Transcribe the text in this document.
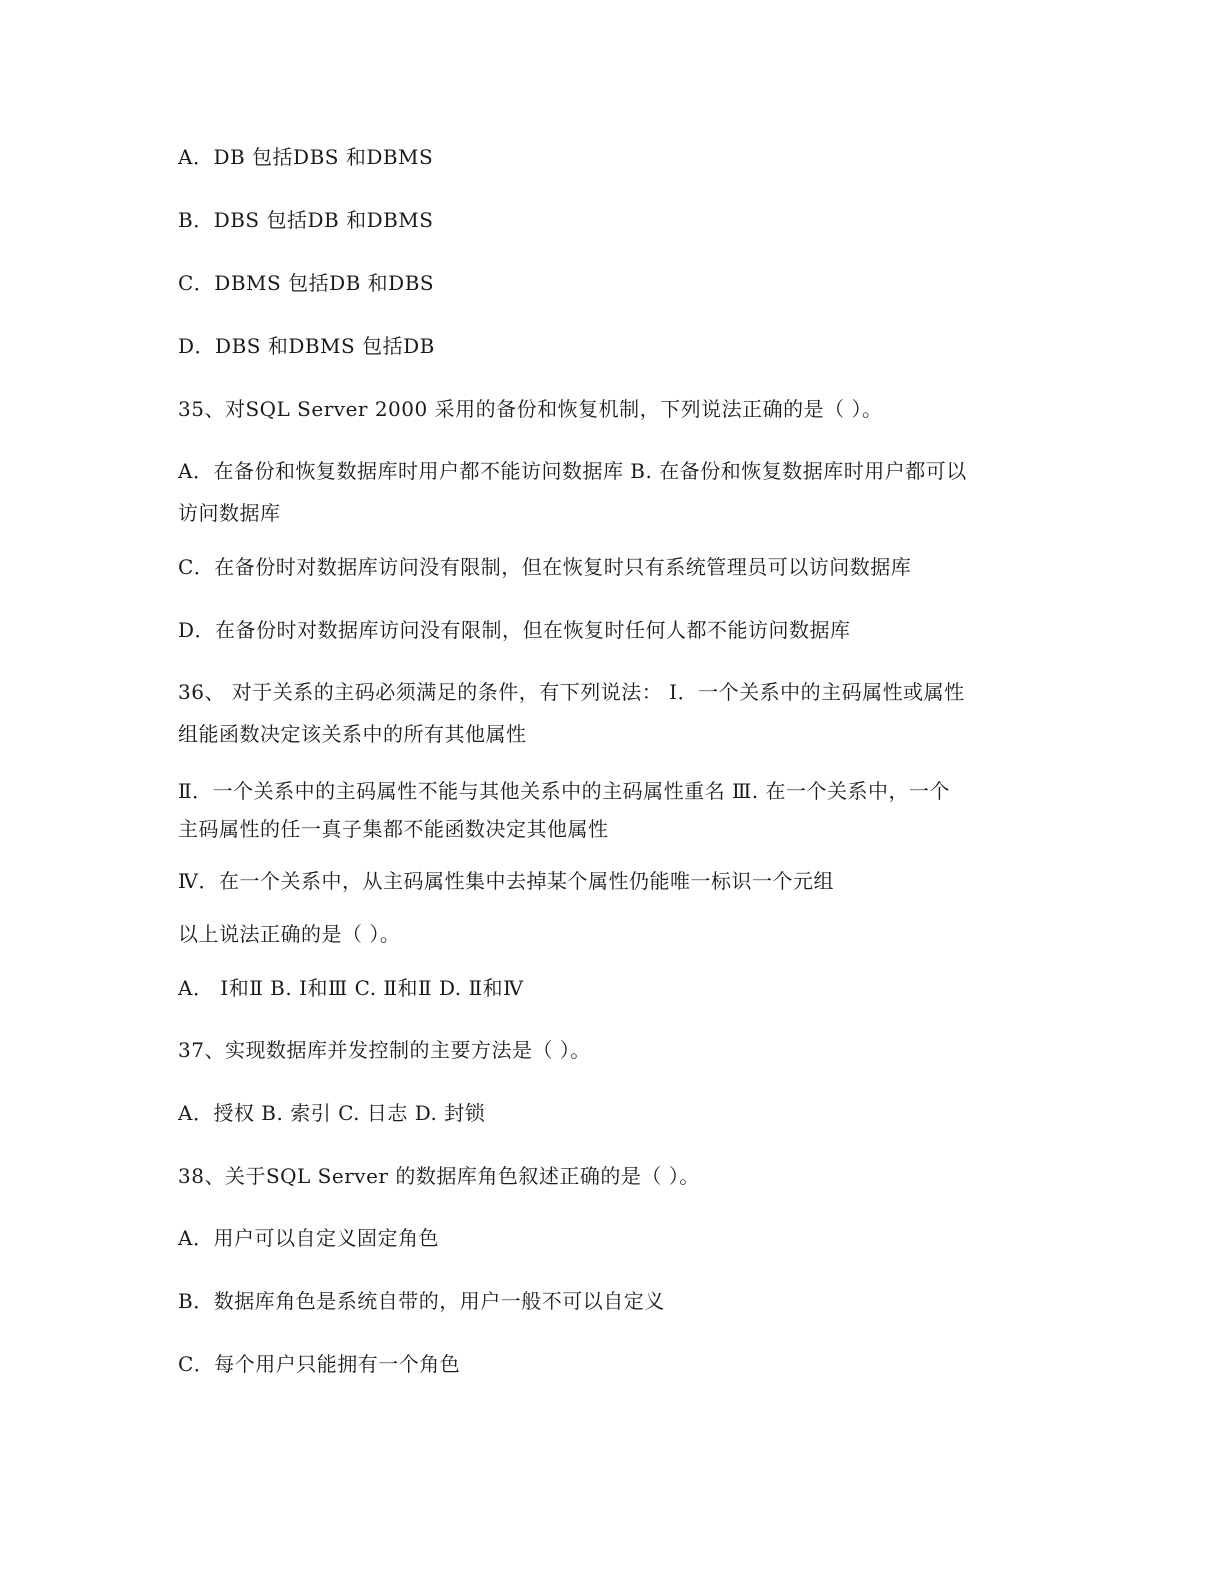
A．DB 包括DBS 和DBMS
B．DBS 包括DB 和DBMS
C．DBMS 包括DB 和DBS
D．DBS 和DBMS 包括DB
35、对SQL Server 2000 采用的备份和恢复机制，下列说法正确的是（ ）。
A．在备份和恢复数据库时用户都不能访问数据库 B. 在备份和恢复数据库时用户都可以
访问数据库
C．在备份时对数据库访问没有限制，但在恢复时只有系统管理员可以访问数据库
D．在备份时对数据库访问没有限制，但在恢复时任何人都不能访问数据库
36、 对于关系的主码必须满足的条件，有下列说法： Ⅰ．一个关系中的主码属性或属性
组能函数决定该关系中的所有其他属性
Ⅱ．一个关系中的主码属性不能与其他关系中的主码属性重名 Ⅲ. 在一个关系中，一个
主码属性的任一真子集都不能函数决定其他属性
Ⅳ．在一个关系中，从主码属性集中去掉某个属性仍能唯一标识一个元组
以上说法正确的是（ ）。
A． Ⅰ和Ⅱ B. Ⅰ和Ⅲ C. Ⅱ和Ⅱ D. Ⅱ和Ⅳ
37、实现数据库并发控制的主要方法是（ ）。
A．授权 B. 索引 C. 日志 D. 封锁
38、关于SQL Server 的数据库角色叙述正确的是（ ）。
A．用户可以自定义固定角色
B．数据库角色是系统自带的，用户一般不可以自定义
C．每个用户只能拥有一个角色
